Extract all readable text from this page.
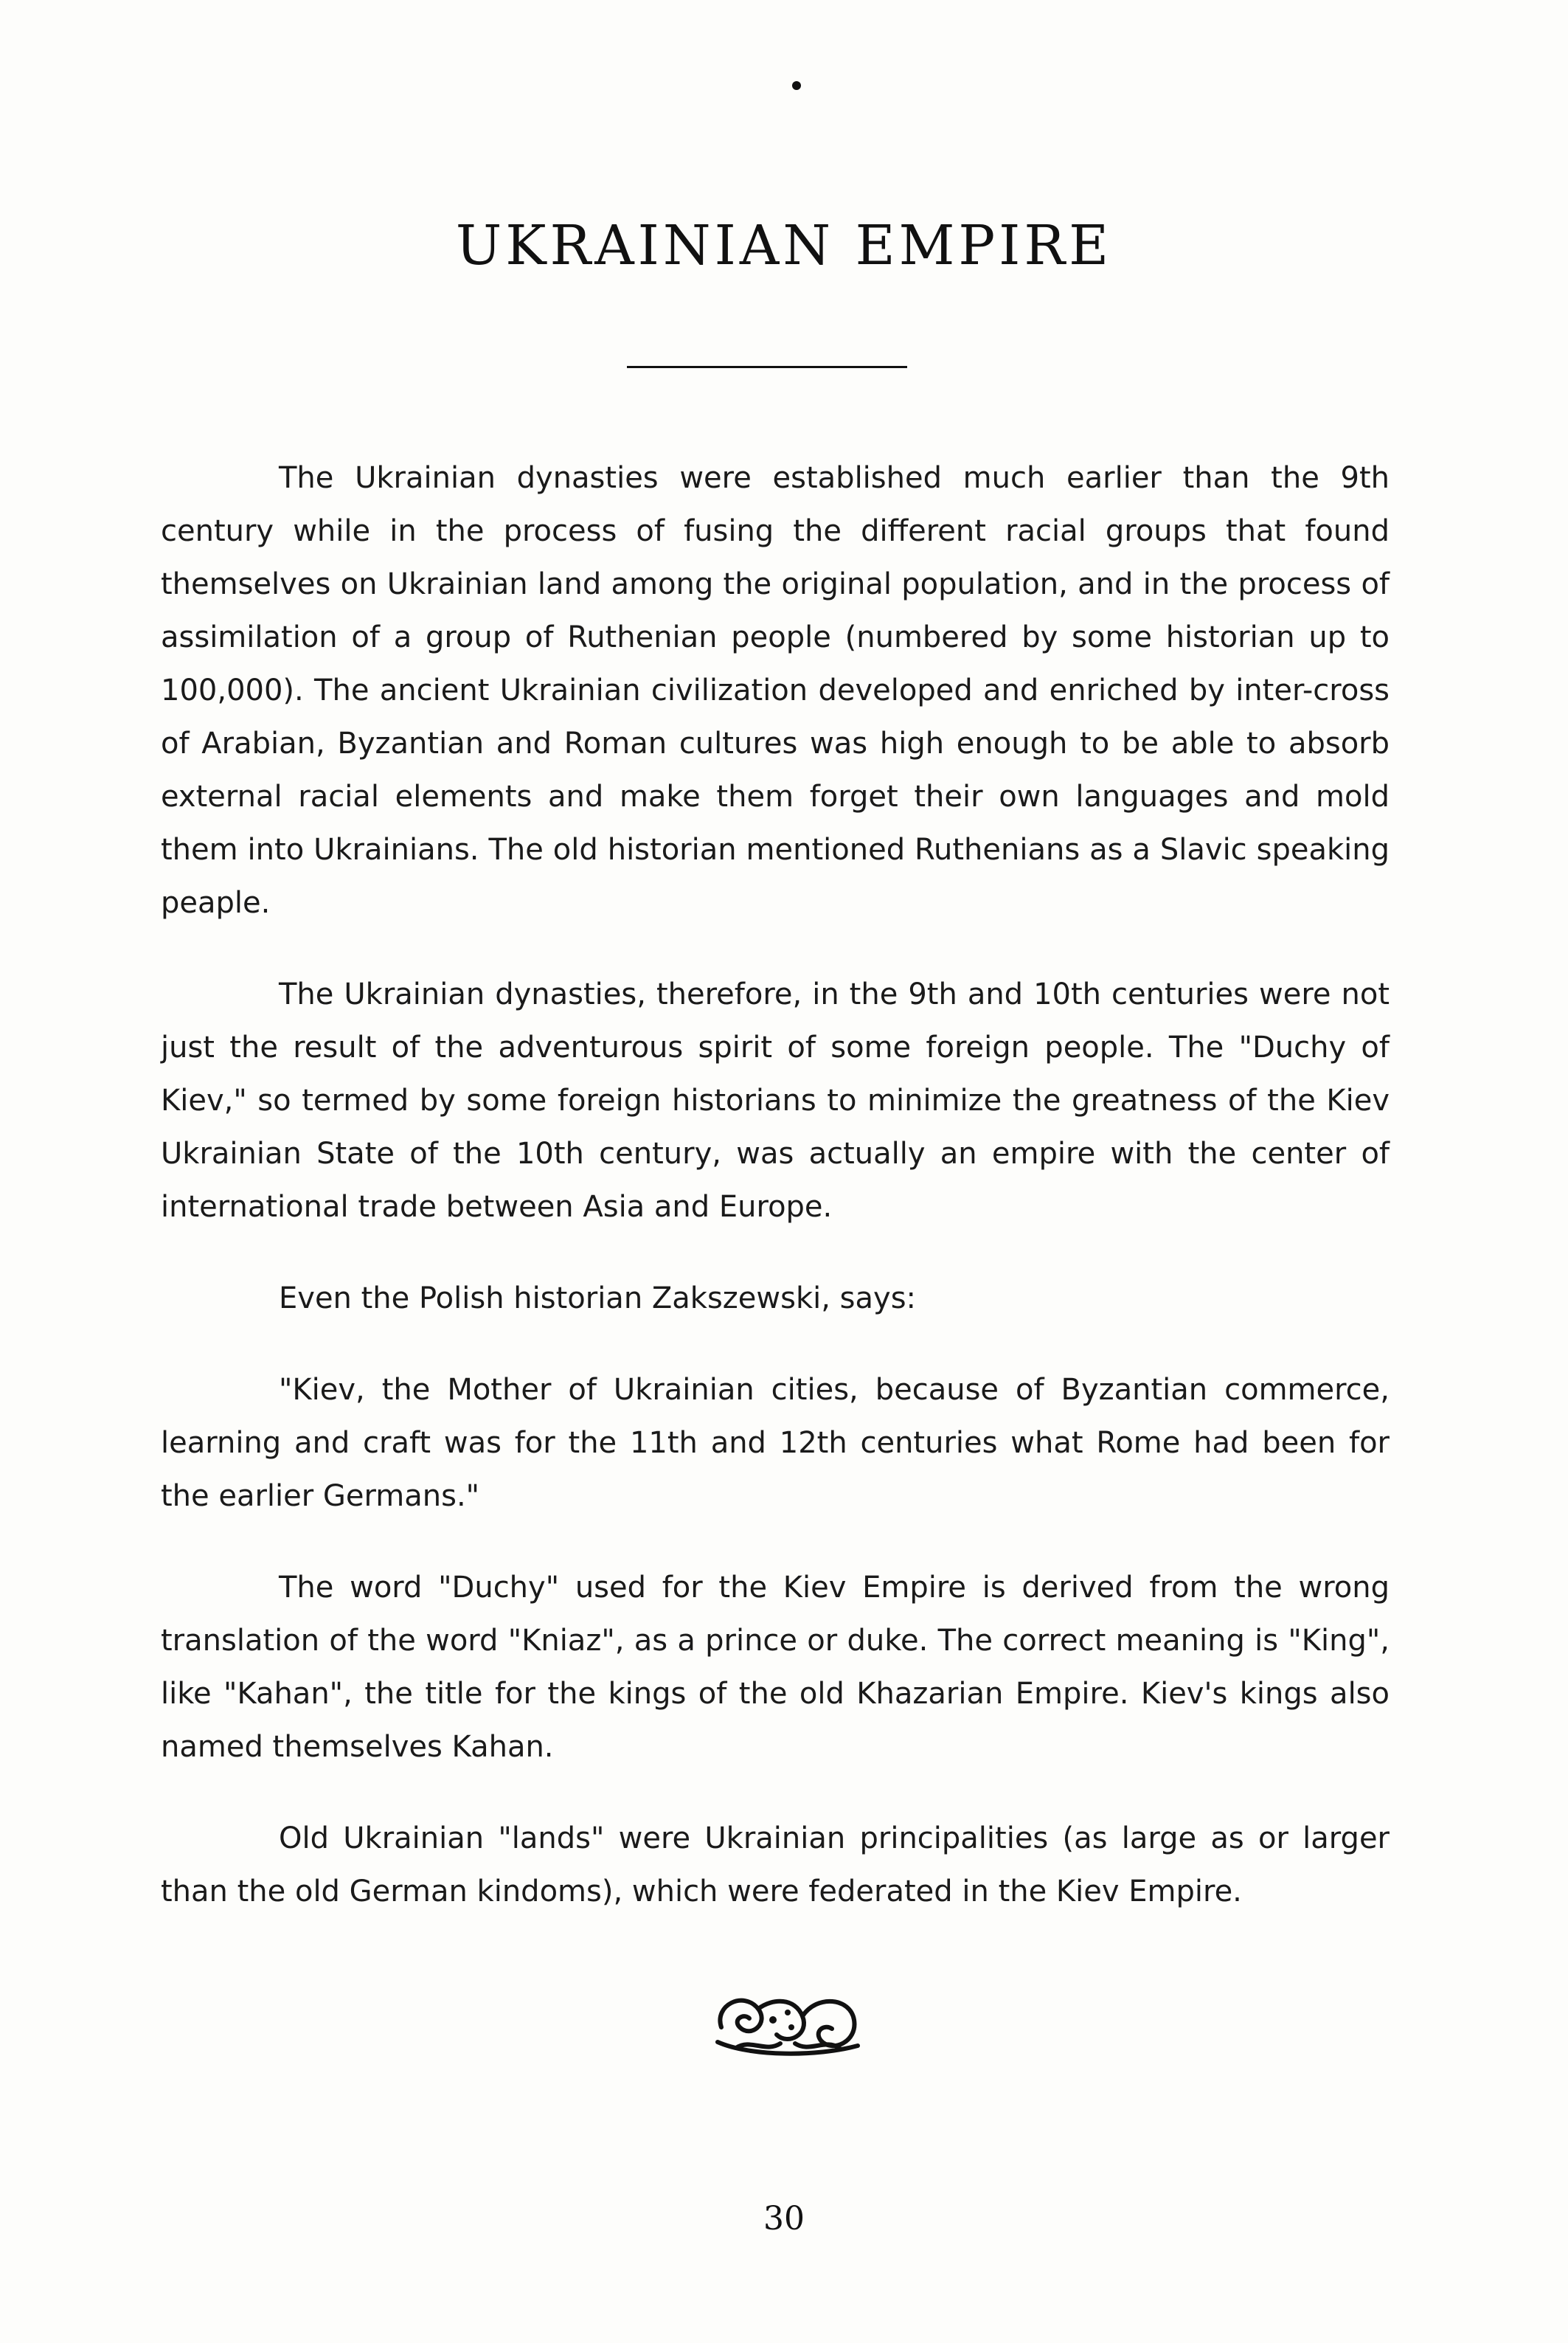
UKRAINIAN EMPIRE

The Ukrainian dynasties were established much earlier than the 9th century while in the process of fusing the different racial groups that found themselves on Ukrainian land among the original population, and in the process of assimilation of a group of Ruthenian people (numbered by some historian up to 100,000). The ancient Ukrainian civilization developed and enriched by inter-cross of Arabian, Byzantian and Roman cultures was high enough to be able to absorb external racial elements and make them forget their own languages and mold them into Ukrainians. The old historian mentioned Ruthenians as a Slavic speaking peaple.

The Ukrainian dynasties, therefore, in the 9th and 10th centuries were not just the result of the adventurous spirit of some foreign people. The "Duchy of Kiev," so termed by some foreign historians to minimize the greatness of the Kiev Ukrainian State of the 10th century, was actually an empire with the center of international trade between Asia and Europe.

Even the Polish historian Zakszewski, says:

"Kiev, the Mother of Ukrainian cities, because of Byzantian commerce, learning and craft was for the 11th and 12th centuries what Rome had been for the earlier Germans."

The word "Duchy" used for the Kiev Empire is derived from the wrong translation of the word "Kniaz", as a prince or duke. The correct meaning is "King", like "Kahan", the title for the kings of the old Khazarian Empire. Kiev's kings also named themselves Kahan.

Old Ukrainian "lands" were Ukrainian principalities (as large as or larger than the old German kindoms), which were federated in the Kiev Empire.

30
